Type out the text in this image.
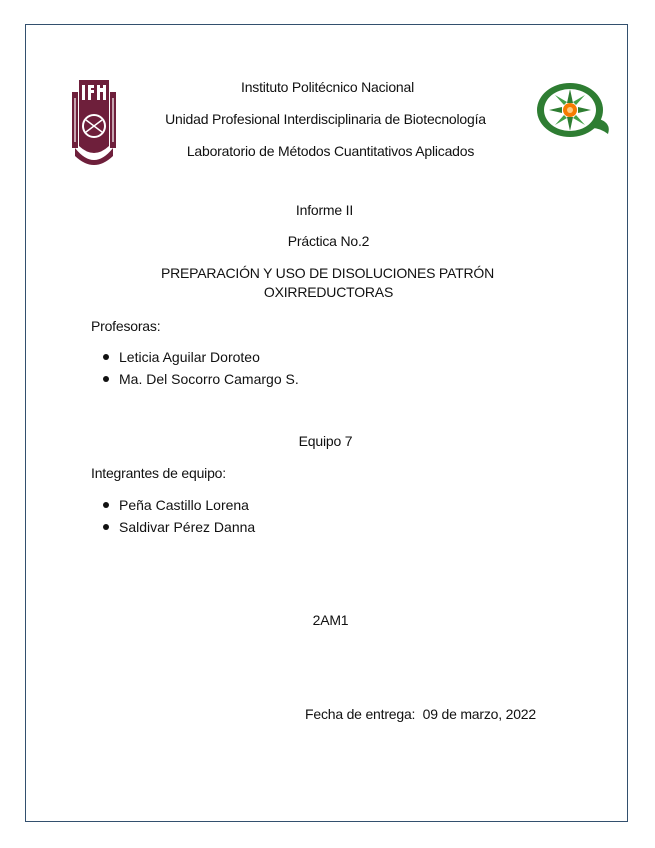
Instituto Politécnico Nacional
Unidad Profesional Interdisciplinaria de Biotecnología
Laboratorio de Métodos Cuantitativos Aplicados
Informe II
Práctica No.2
PREPARACIÓN Y USO DE DISOLUCIONES PATRÓN
OXIRREDUCTORAS
Profesoras:
Leticia Aguilar Doroteo
Ma. Del Socorro Camargo S.
Equipo 7
Integrantes de equipo:
Peña Castillo Lorena
Saldivar Pérez Danna
2AM1
Fecha de entrega: 09 de marzo, 2022
